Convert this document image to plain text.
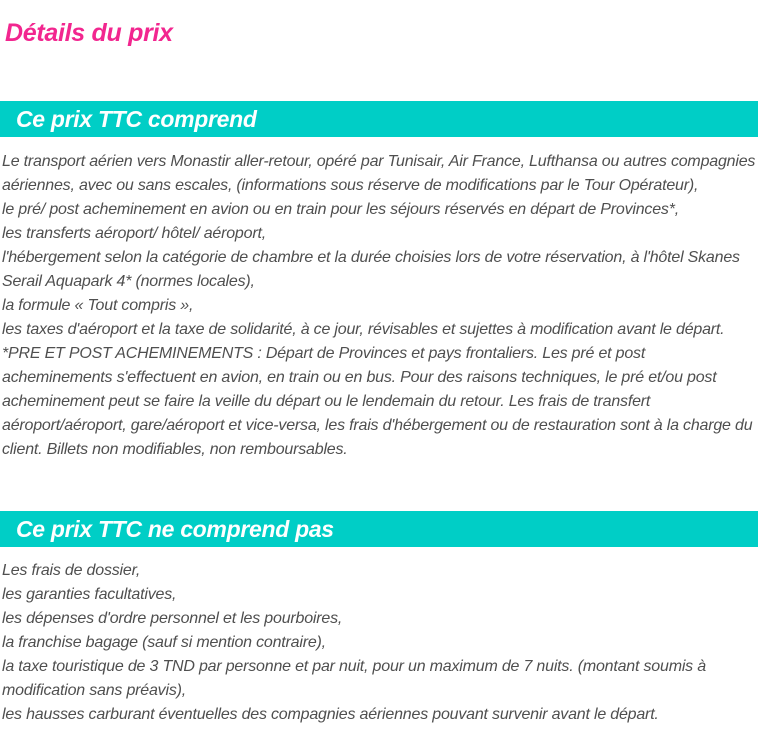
Détails du prix
Ce prix TTC comprend

Le transport aérien vers Monastir aller-retour, opéré par Tunisair, Air France, Lufthansa ou autres compagnies aériennes, avec ou sans escales, (informations sous réserve de modifications par le Tour Opérateur),

le pré/ post acheminement en avion ou en train pour les séjours réservés en départ de Provinces*,

les transferts aéroport/ hôtel/ aéroport,

l'hébergement selon la catégorie de chambre et la durée choisies lors de votre réservation, à l'hôtel Skanes Serail Aquapark 4* (normes locales),

la formule « Tout compris »,

les taxes d'aéroport et la taxe de solidarité, à ce jour, révisables et sujettes à modification avant le départ.

*PRE ET POST ACHEMINEMENTS : Départ de Provinces et pays frontaliers. Les pré et post acheminements s'effectuent en avion, en train ou en bus. Pour des raisons techniques, le pré et/ou post acheminement peut se faire la veille du départ ou le lendemain du retour. Les frais de transfert aéroport/aéroport, gare/aéroport et vice-versa, les frais d'hébergement ou de restauration sont à la charge du client. Billets non modifiables, non remboursables.

Ce prix TTC ne comprend pas

Les frais de dossier,

les garanties facultatives,

les dépenses d'ordre personnel et les pourboires,

la franchise bagage (sauf si mention contraire),

la taxe touristique de 3 TND par personne et par nuit, pour un maximum de 7 nuits. (montant soumis à modification sans préavis),

les hausses carburant éventuelles des compagnies aériennes pouvant survenir avant le départ.
